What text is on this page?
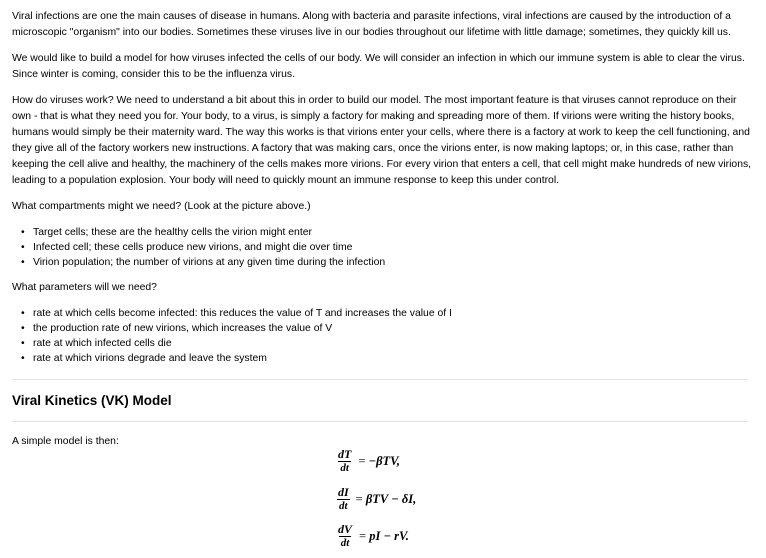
Viral infections are one the main causes of disease in humans. Along with bacteria and parasite infections, viral infections are caused by the introduction of a microscopic "organism" into our bodies. Sometimes these viruses live in our bodies throughout our lifetime with little damage; sometimes, they quickly kill us.

We would like to build a model for how viruses infected the cells of our body. We will consider an infection in which our immune system is able to clear the virus. Since winter is coming, consider this to be the influenza virus.

How do viruses work? We need to understand a bit about this in order to build our model. The most important feature is that viruses cannot reproduce on their own - that is what they need you for. Your body, to a virus, is simply a factory for making and spreading more of them. If virions were writing the history books, humans would simply be their maternity ward. The way this works is that virions enter your cells, where there is a factory at work to keep the cell functioning, and they give all of the factory workers new instructions. A factory that was making cars, once the virions enter, is now making laptops; or, in this case, rather than keeping the cell alive and healthy, the machinery of the cells makes more virions. For every virion that enters a cell, that cell might make hundreds of new virions, leading to a population explosion. Your body will need to quickly mount an immune response to keep this under control.

What compartments might we need? (Look at the picture above.)

• Target cells; these are the healthy cells the virion might enter
• Infected cell; these cells produce new virions, and might die over time
• Virion population; the number of virions at any given time during the infection

What parameters will we need?

• rate at which cells become infected: this reduces the value of T and increases the value of I
• the production rate of new virions, which increases the value of V
• rate at which infected cells die
• rate at which virions degrade and leave the system
Viral Kinetics (VK) Model

A simple model is then:

$\frac{dT}{dt} = -\beta TV$,
$\frac{dI}{dt} = \beta TV - \delta I$,
$\frac{dV}{dt}$ = pI − rV.
